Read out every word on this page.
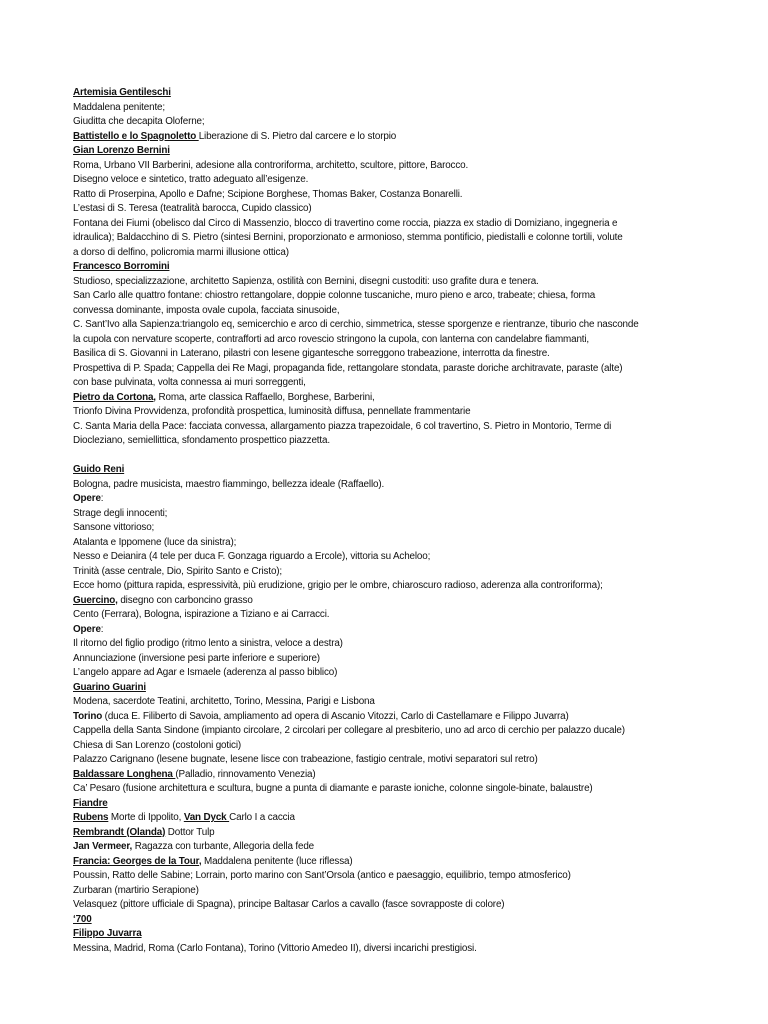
Artemisia Gentileschi
Maddalena penitente;
Giuditta che decapita Oloferne;
Battistello e lo Spagnoletto Liberazione di S. Pietro dal carcere e lo storpio
Gian Lorenzo Bernini
Roma, Urbano VII Barberini, adesione alla controriforma, architetto, scultore, pittore, Barocco.
Disegno veloce e sintetico, tratto adeguato all’esigenze.
Ratto di Proserpina, Apollo e Dafne; Scipione Borghese, Thomas Baker, Costanza Bonarelli.
L’estasi di S. Teresa (teatralità barocca, Cupido classico)
Fontana dei Fiumi (obelisco dal Circo di Massenzio, blocco di travertino come roccia, piazza ex stadio di Domiziano, ingegneria e
idraulica); Baldacchino di S. Pietro (sintesi Bernini, proporzionato e armonioso, stemma pontificio, piedistalli e colonne tortili, volute
a dorso di delfino, policromia marmi illusione ottica)
Francesco Borromini
Studioso, specializzazione, architetto Sapienza, ostilità con Bernini, disegni custoditi: uso grafite dura e tenera.
San Carlo alle quattro fontane: chiostro rettangolare, doppie colonne tuscaniche, muro pieno e arco, trabeate; chiesa, forma
convessa dominante, imposta ovale cupola, facciata sinusoide,
C. Sant’Ivo alla Sapienza:triangolo eq, semicerchio e arco di cerchio, simmetrica, stesse sporgenze e rientranze, tiburio che nasconde
la cupola con nervature scoperte, contrafforti ad arco rovescio stringono la cupola, con lanterna con candelabre fiammanti,
Basilica di S. Giovanni in Laterano, pilastri con lesene gigantesche sorreggono trabeazione, interrotta da finestre.
Prospettiva di P. Spada; Cappella dei Re Magi, propaganda fide, rettangolare stondata, paraste doriche architravate, paraste (alte)
con base pulvinata, volta connessa ai muri sorreggenti,
Pietro da Cortona, Roma, arte classica Raffaello, Borghese, Barberini,
Trionfo Divina Provvidenza, profondità prospettica, luminosità diffusa, pennellate frammentarie
C. Santa Maria della Pace: facciata convessa, allargamento piazza trapezoidale, 6 col travertino, S. Pietro in Montorio, Terme di
Diocleziano, semiellittica, sfondamento prospettico piazzetta.
Guido Reni
Bologna, padre musicista, maestro fiammingo, bellezza ideale (Raffaello).
Opere:
Strage degli innocenti;
Sansone vittorioso;
Atalanta e Ippomene (luce da sinistra);
Nesso e Deianira (4 tele per duca F. Gonzaga riguardo a Ercole), vittoria su Acheloo;
Trinità (asse centrale, Dio, Spirito Santo e Cristo);
Ecce homo (pittura rapida, espressività, più erudizione, grigio per le ombre, chiaroscuro radioso, aderenza alla controriforma);
Guercino, disegno con carboncino grasso
Cento (Ferrara), Bologna, ispirazione a Tiziano e ai Carracci.
Opere:
Il ritorno del figlio prodigo (ritmo lento a sinistra, veloce a destra)
Annunciazione (inversione pesi parte inferiore e superiore)
L’angelo appare ad Agar e Ismaele (aderenza al passo biblico)
Guarino Guarini
Modena, sacerdote Teatini, architetto, Torino, Messina, Parigi e Lisbona
Torino (duca E. Filiberto di Savoia, ampliamento ad opera di Ascanio Vitozzi, Carlo di Castellamare e Filippo Juvarra)
Cappella della Santa Sindone (impianto circolare, 2 circolari per collegare al presbiterio, uno ad arco di cerchio per palazzo ducale)
Chiesa di San Lorenzo (costoloni gotici)
Palazzo Carignano (lesene bugnate, lesene lisce con trabeazione, fastigio centrale, motivi separatori sul retro)
Baldassare Longhena (Palladio, rinnovamento Venezia)
Ca’ Pesaro (fusione architettura e scultura, bugne a punta di diamante e paraste ioniche, colonne singole-binate, balaustre)
Fiandre
Rubens Morte di Ippolito, Van Dyck Carlo I a caccia
Rembrandt (Olanda) Dottor Tulp
Jan Vermeer, Ragazza con turbante, Allegoria della fede
Francia: Georges de la Tour, Maddalena penitente (luce riflessa)
Poussin, Ratto delle Sabine; Lorrain, porto marino con Sant’Orsola (antico e paesaggio, equilibrio, tempo atmosferico)
Zurbaran (martirio Serapione)
Velasquez (pittore ufficiale di Spagna), principe Baltasar Carlos a cavallo (fasce sovrapposte di colore)
‘700
Filippo Juvarra
Messina, Madrid, Roma (Carlo Fontana), Torino (Vittorio Amedeo II), diversi incarichi prestigiosi.
